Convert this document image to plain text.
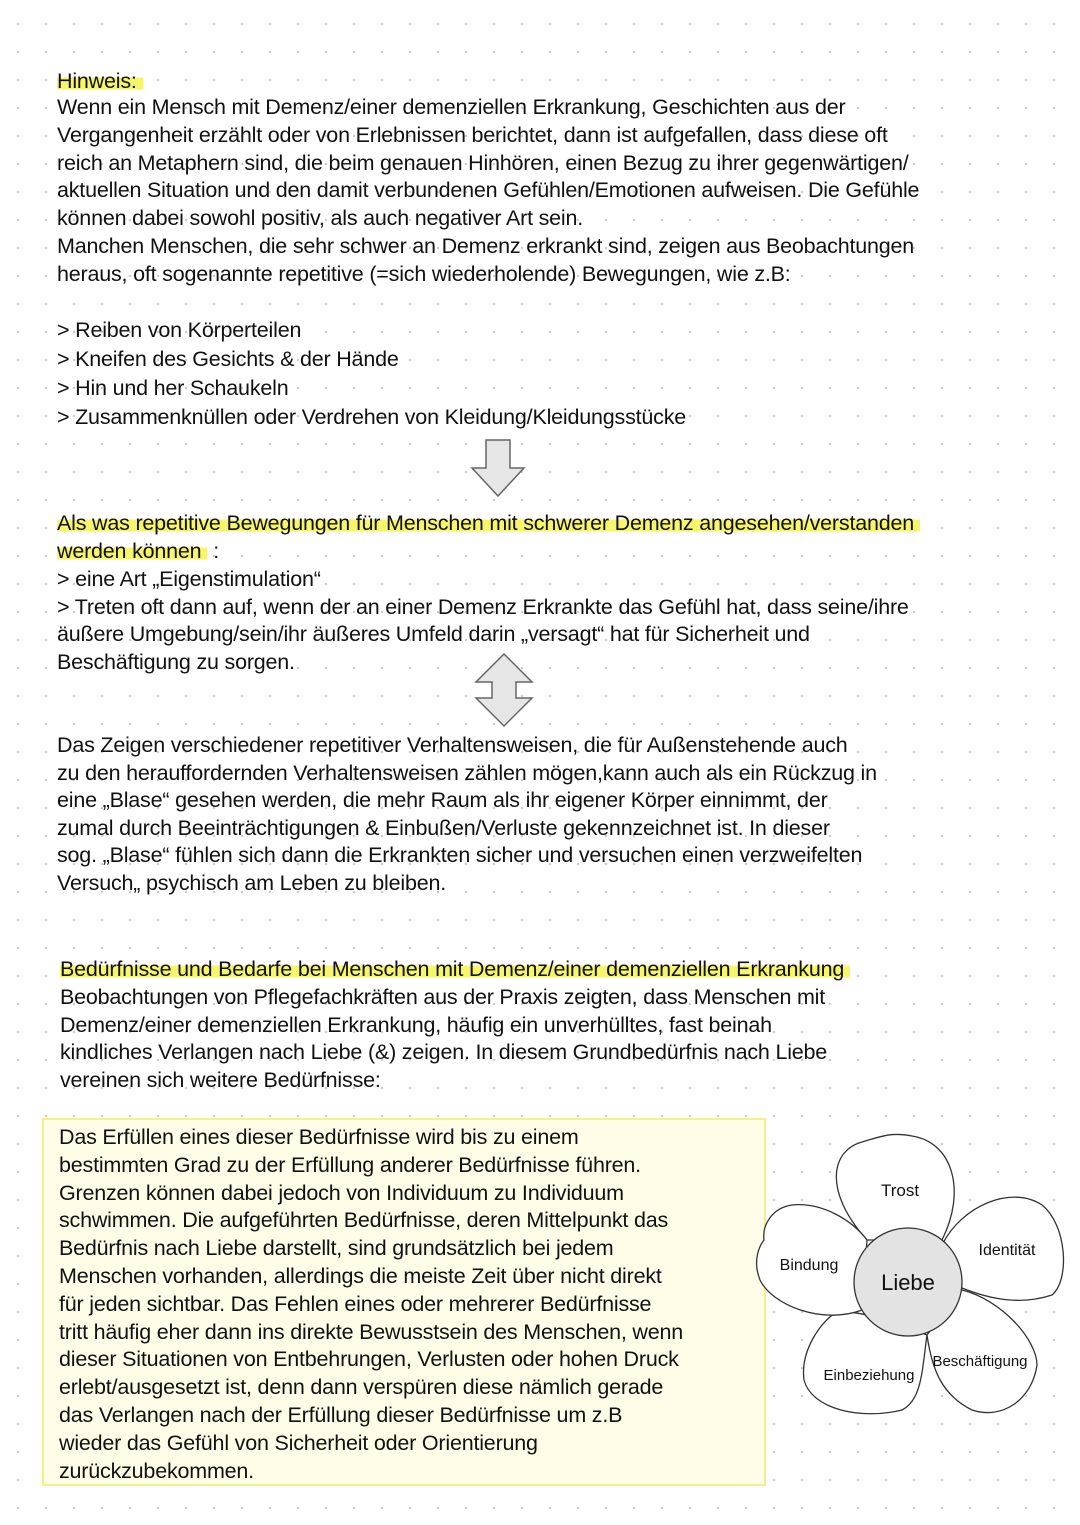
Hinweis:
Wenn ein Mensch mit Demenz/einer demenziellen Erkrankung, Geschichten aus der
Vergangenheit erzählt oder von Erlebnissen berichtet, dann ist aufgefallen, dass diese oft
reich an Metaphern sind, die beim genauen Hinhören, einen Bezug zu ihrer gegenwärtigen/
aktuellen Situation und den damit verbundenen Gefühlen/Emotionen aufweisen. Die Gefühle
können dabei sowohl positiv, als auch negativer Art sein.
Manchen Menschen, die sehr schwer an Demenz erkrankt sind, zeigen aus Beobachtungen
heraus, oft sogenannte repetitive (=sich wiederholende) Bewegungen, wie z.B:
> Reiben von Körperteilen
> Kneifen des Gesichts & der Hände
> Hin und her Schaukeln
> Zusammenknüllen oder Verdrehen von Kleidung/Kleidungsstücke
Als was repetitive Bewegungen für Menschen mit schwerer Demenz angesehen/verstanden
werden können :
> eine Art „Eigenstimulation“
> Treten oft dann auf, wenn der an einer Demenz Erkrankte das Gefühl hat, dass seine/ihre
äußere Umgebung/sein/ihr äußeres Umfeld darin „versagt“ hat für Sicherheit und
Beschäftigung zu sorgen.
Das Zeigen verschiedener repetitiver Verhaltensweisen, die für Außenstehende auch
zu den herauffordernden Verhaltensweisen zählen mögen,kann auch als ein Rückzug in
eine „Blase“ gesehen werden, die mehr Raum als ihr eigener Körper einnimmt, der
zumal durch Beeinträchtigungen & Einbußen/Verluste gekennzeichnet ist. In dieser
sog. „Blase“ fühlen sich dann die Erkrankten sicher und versuchen einen verzweifelten
Versuch„ psychisch am Leben zu bleiben.
Bedürfnisse und Bedarfe bei Menschen mit Demenz/einer demenziellen Erkrankung
Beobachtungen von Pflegefachkräften aus der Praxis zeigten, dass Menschen mit
Demenz/einer demenziellen Erkrankung, häufig ein unverhülltes, fast beinah
kindliches Verlangen nach Liebe (&) zeigen. In diesem Grundbedürfnis nach Liebe
vereinen sich weitere Bedürfnisse:
Das Erfüllen eines dieser Bedürfnisse wird bis zu einem
bestimmten Grad zu der Erfüllung anderer Bedürfnisse führen.
Grenzen können dabei jedoch von Individuum zu Individuum
schwimmen. Die aufgeführten Bedürfnisse, deren Mittelpunkt das
Bedürfnis nach Liebe darstellt, sind grundsätzlich bei jedem
Menschen vorhanden, allerdings die meiste Zeit über nicht direkt
für jeden sichtbar. Das Fehlen eines oder mehrerer Bedürfnisse
tritt häufig eher dann ins direkte Bewusstsein des Menschen, wenn
dieser Situationen von Entbehrungen, Verlusten oder hohen Druck
erlebt/ausgesetzt ist, denn dann verspüren diese nämlich gerade
das Verlangen nach der Erfüllung dieser Bedürfnisse um z.B
wieder das Gefühl von Sicherheit oder Orientierung
zurückzubekommen.
Liebe
Trost
Identität
Beschäftigung
Einbeziehung
Bindung
